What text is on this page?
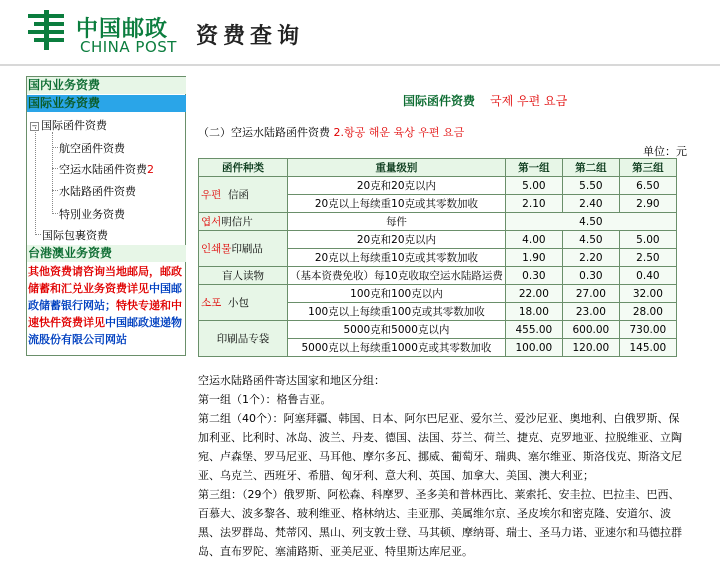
中国邮政
CHINA POST 资费查询
国内业务资费
国际业务资费
− 国际函件资费
航空函件资费
空运水陆函件资费2
水陆路函件资费
特別业务资费
国际包裹资费
台港澳业务资费
其他资费请咨询当地邮局，邮政储蓄和汇兑业务资费详见中国邮政储蓄银行网站；特快专递和中速快件资费详见中国邮政速递物流股份有限公司网站
国际函件资费 국제 우편 요금
（二）空运水陆路函件资费 2.항공 해운 육상 우편 요금
单位：元
函件种类	重量级别	第一组	第二组	第三组
우편 信函	20克和20克以内	5.00	5.50	6.50
	20克以上每续重10克或其零数加收	2.10	2.40	2.90
엽서明信片	每件	4.50		
인쇄물印刷品	20克和20克以内	4.00	4.50	5.00
	20克以上每续重10克或其零数加收	1.90	2.20	2.50
盲人读物	（基本资费免收）每10克收取空运水陆路运费	0.30	0.30	0.40
소포 小包	100克和100克以内	22.00	27.00	32.00
	100克以上每续重100克或其零数加收	18.00	23.00	28.00
印刷品专袋	5000克和5000克以内	455.00	600.00	730.00
	5000克以上每续重1000克或其零数加收	100.00	120.00	145.00

空运水陆路函件寄达国家和地区分组：

第一组（1个）：格鲁吉亚。

第二组（40个）：阿塞拜疆、韩国、日本、阿尔巴尼亚、爱尔兰、爱沙尼亚、奥地利、白俄罗斯、保加利亚、比利时、冰岛、波兰、丹麦、德国、法国、芬兰、荷兰、捷克、克罗地亚、拉脱维亚、立陶宛、卢森堡、罗马尼亚、马耳他、摩尔多瓦、挪威、葡萄牙、瑞典、塞尔维亚、斯洛伐克、斯洛文尼亚、乌克兰、西班牙、希腊、匈牙利、意大利、英国、加拿大、美国、澳大利亚；

第三组：（29个）俄罗斯、阿松森、科摩罗、圣多美和普林西比、莱索托、安圭拉、巴拉圭、巴西、百慕大、波多黎各、玻利维亚、格林纳达、圭亚那、美属维尔京、圣皮埃尔和密克隆、安道尔、波黑、法罗群岛、梵蒂冈、黑山、列支敦士登、马其顿、摩纳哥、瑞士、圣马力诺、亚速尔和马德拉群岛、直布罗陀、塞浦路斯、亚美尼亚、特里斯达库尼亚。
